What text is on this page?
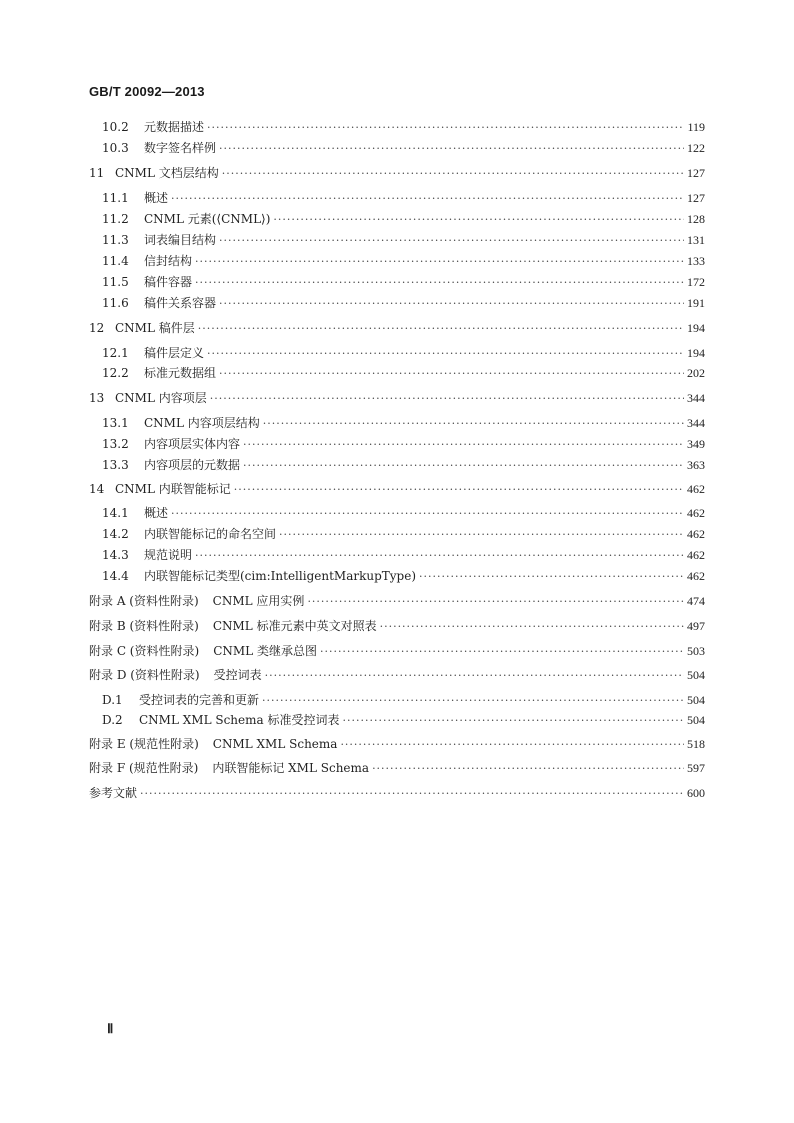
GB/T 20092—2013
10.2	元数据描述 ·····	119
10.3	数字签名样例 ·····	122
11 CNML 文档层结构 ·····	127
11.1	概述 ·····	127
11.2	CNML 元素(⟨CNML⟩) ·····	128
11.3	词表编目结构 ·····	131
11.4	信封结构 ·····	133
11.5	稿件容器 ·····	172
11.6	稿件关系容器 ·····	191
12 CNML 稿件层 ·····	194
12.1	稿件层定义 ·····	194
12.2	标准元数据组 ·····	202
13 CNML 内容项层 ·····	344
13.1	CNML 内容项层结构 ·····	344
13.2	内容项层实体内容 ·····	349
13.3	内容项层的元数据 ·····	363
14 CNML 内联智能标记 ·····	462
14.1	概述 ·····	462
14.2	内联智能标记的命名空间 ·····	462
14.3	规范说明 ·····	462
14.4	内联智能标记类型(cim:IntelligentMarkupType) ·····	462
附录 A (资料性附录) CNML 应用实例 ·····	474
附录 B (资料性附录) CNML 标准元素中英文对照表 ·····	497
附录 C (资料性附录) CNML 类继承总图 ·····	503
附录 D (资料性附录) 受控词表 ·····	504
D.1	受控词表的完善和更新 ·····	504
D.2	CNML XML Schema 标准受控词表 ·····	504
附录 E (规范性附录) CNML XML Schema ·····	518
附录 F (规范性附录) 内联智能标记 XML Schema ·····	597
参考文献 ·····	600
Ⅱ
